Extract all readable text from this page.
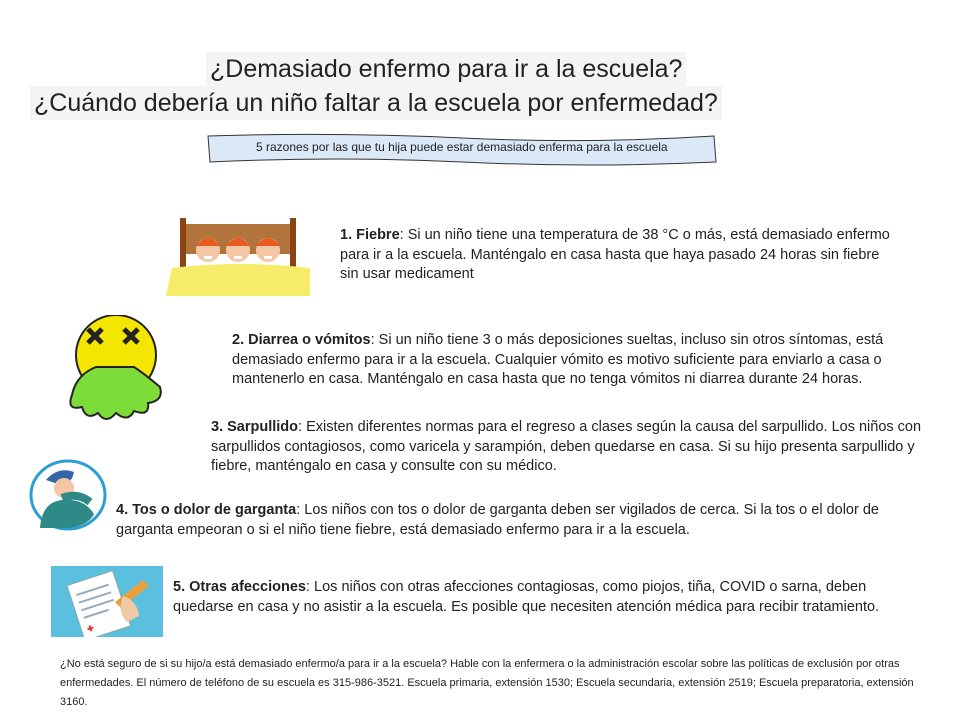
¿Demasiado enfermo para ir a la escuela?
¿Cuándo debería un niño faltar a la escuela por enfermedad?
5 razones por las que tu hija puede estar demasiado enferma para la escuela
1. Fiebre: Si un niño tiene una temperatura de 38 °C o más, está demasiado enfermo para ir a la escuela. Manténgalo en casa hasta que haya pasado 24 horas sin fiebre sin usar medicament
2. Diarrea o vómitos: Si un niño tiene 3 o más deposiciones sueltas, incluso sin otros síntomas, está demasiado enfermo para ir a la escuela. Cualquier vómito es motivo suficiente para enviarlo a casa o mantenerlo en casa. Manténgalo en casa hasta que no tenga vómitos ni diarrea durante 24 horas.
3. Sarpullido: Existen diferentes normas para el regreso a clases según la causa del sarpullido. Los niños con sarpullidos contagiosos, como varicela y sarampión, deben quedarse en casa. Si su hijo presenta sarpullido y fiebre, manténgalo en casa y consulte con su médico.
4. Tos o dolor de garganta: Los niños con tos o dolor de garganta deben ser vigilados de cerca. Si la tos o el dolor de garganta empeoran o si el niño tiene fiebre, está demasiado enfermo para ir a la escuela.
5. Otras afecciones: Los niños con otras afecciones contagiosas, como piojos, tiña, COVID o sarna, deben quedarse en casa y no asistir a la escuela. Es posible que necesiten atención médica para recibir tratamiento.
¿No está seguro de si su hijo/a está demasiado enfermo/a para ir a la escuela? Hable con la enfermera o la administración escolar sobre las políticas de exclusión por otras enfermedades. El número de teléfono de su escuela es 315-986-3521. Escuela primaria, extensión 1530; Escuela secundaria, extensión 2519; Escuela preparatoria, extensión 3160.
